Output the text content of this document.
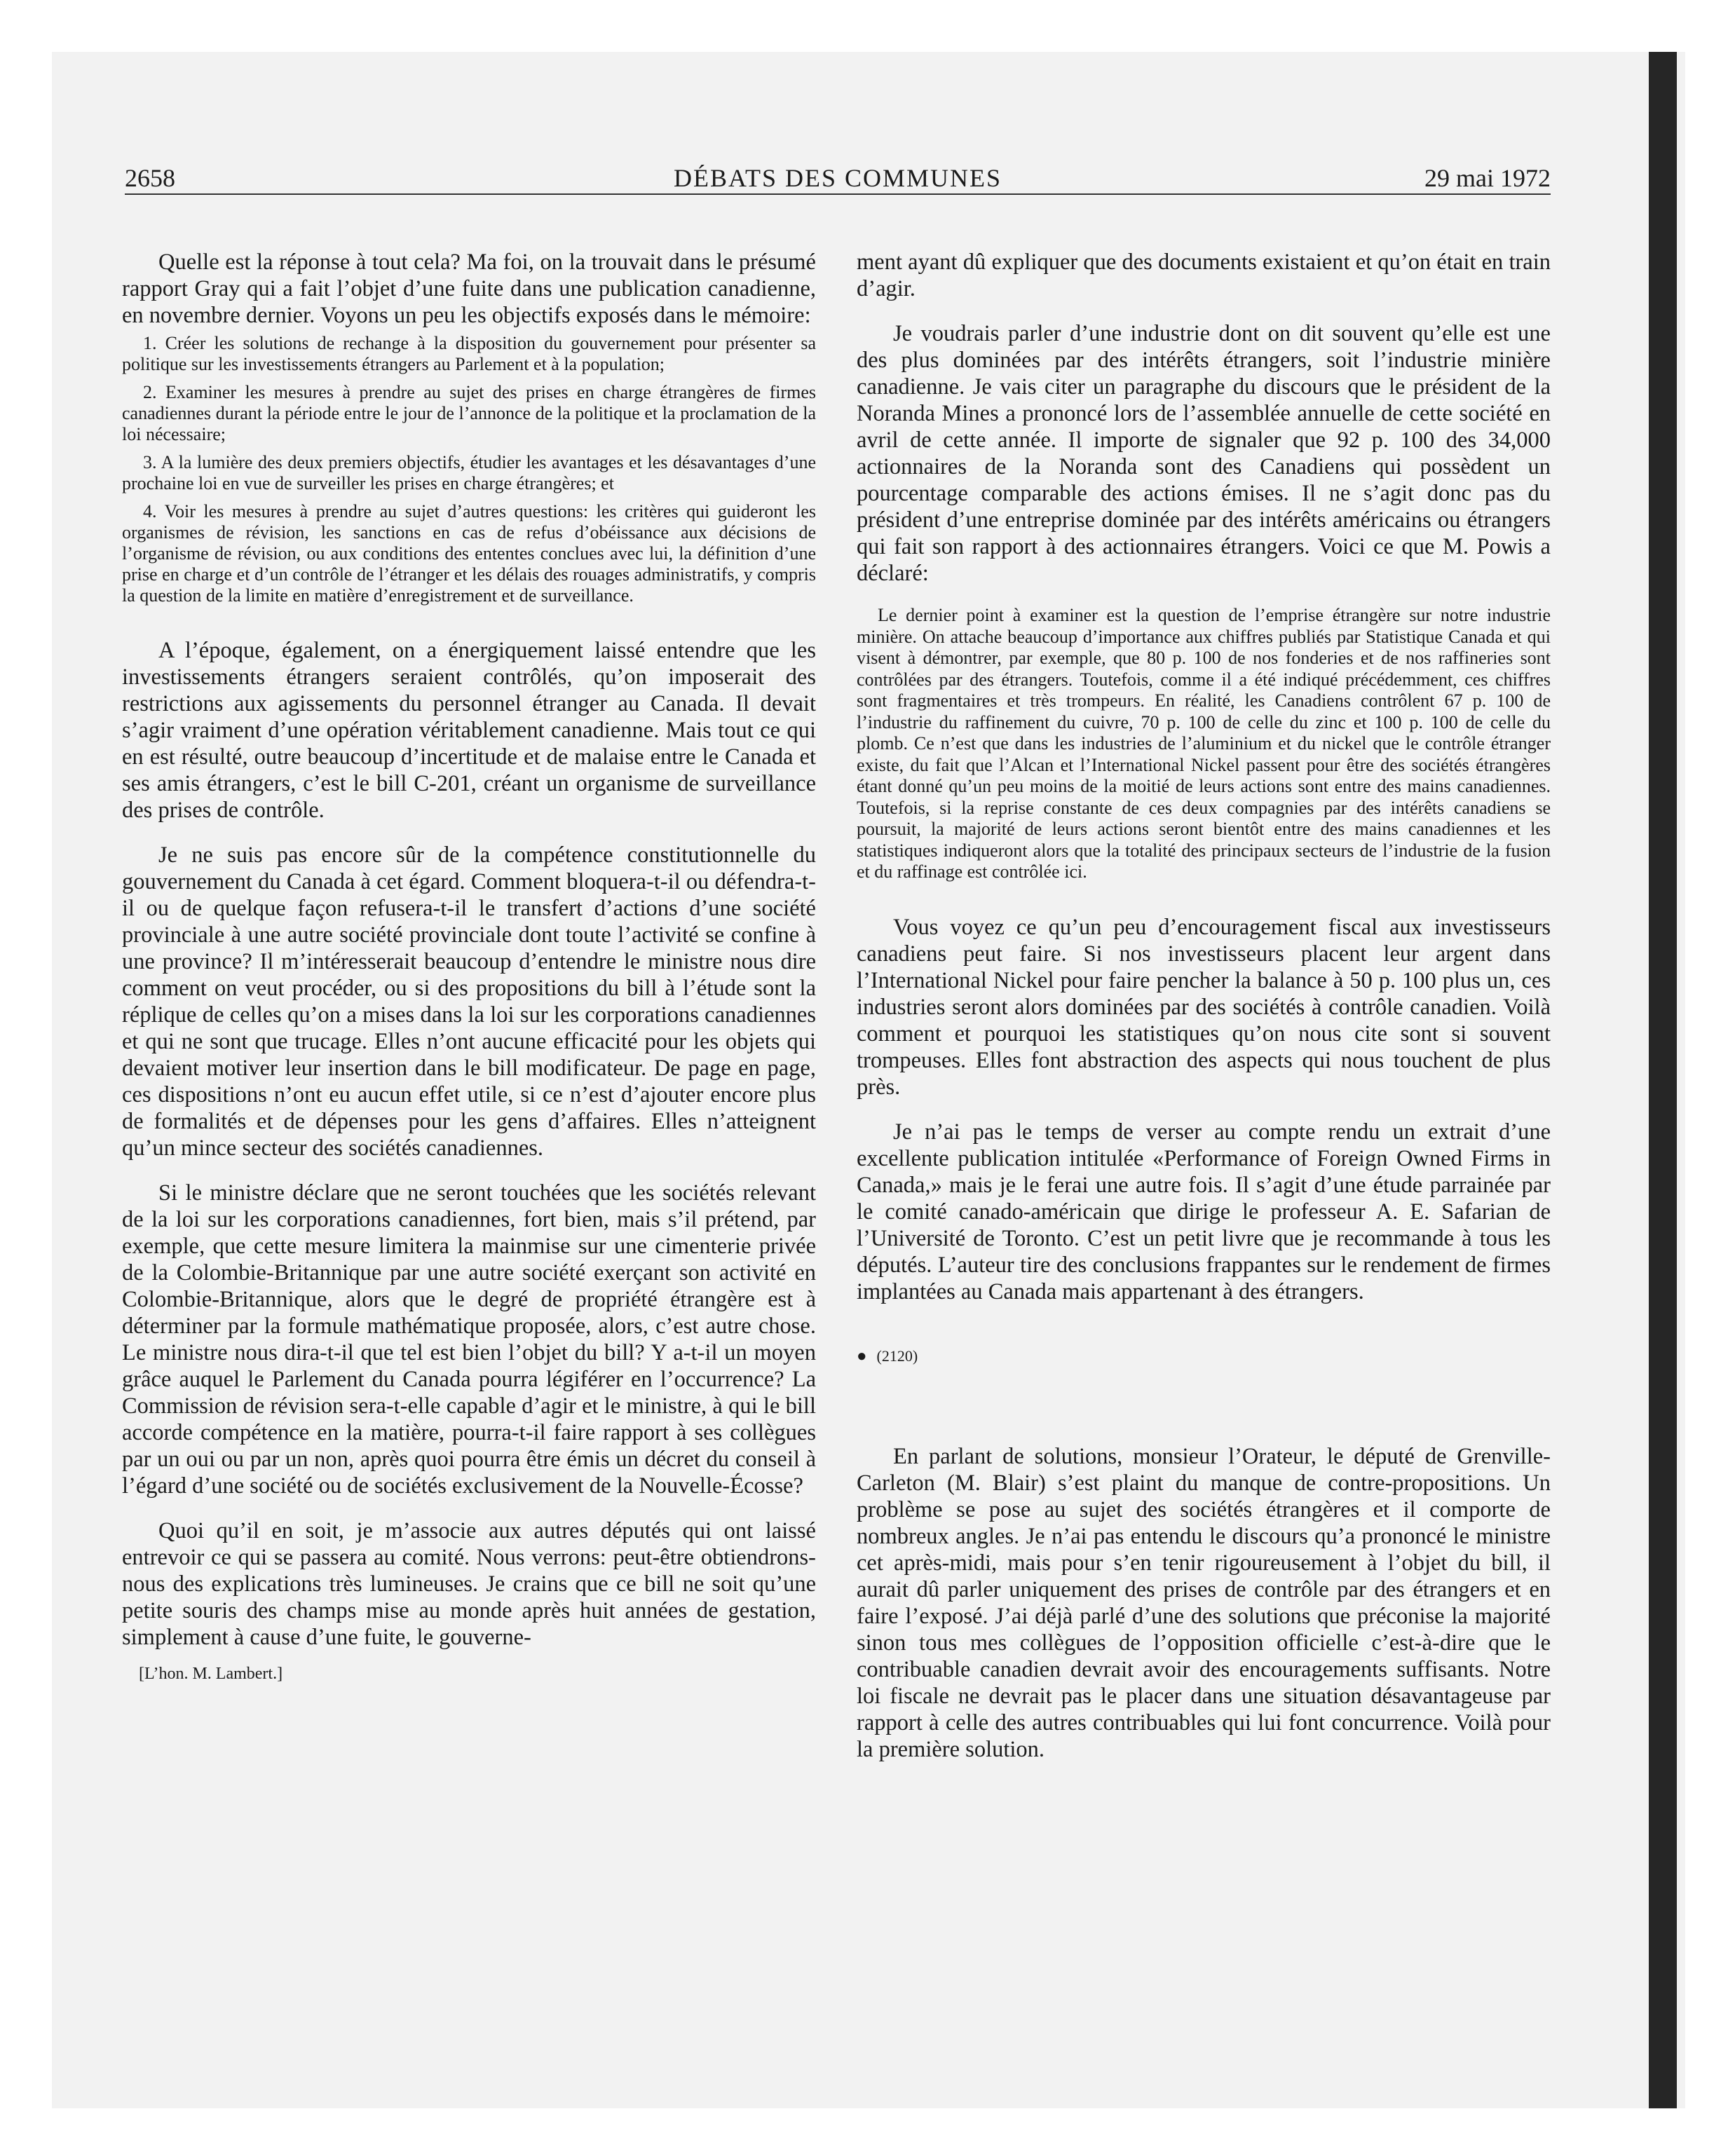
2658	DÉBATS DES COMMUNES	29 mai 1972

Quelle est la réponse à tout cela? Ma foi, on la trouvait dans le présumé rapport Gray qui a fait l’objet d’une fuite dans une publication canadienne, en novembre dernier. Voyons un peu les objectifs exposés dans le mémoire:

1. Créer les solutions de rechange à la disposition du gouvernement pour présenter sa politique sur les investissements étrangers au Parlement et à la population;

2. Examiner les mesures à prendre au sujet des prises en charge étrangères de firmes canadiennes durant la période entre le jour de l’annonce de la politique et la proclamation de la loi nécessaire;

3. A la lumière des deux premiers objectifs, étudier les avantages et les désavantages d’une prochaine loi en vue de surveiller les prises en charge étrangères; et

4. Voir les mesures à prendre au sujet d’autres questions: les critères qui guideront les organismes de révision, les sanctions en cas de refus d’obéissance aux décisions de l’organisme de révision, ou aux conditions des ententes conclues avec lui, la définition d’une prise en charge et d’un contrôle de l’étranger et les délais des rouages administratifs, y compris la question de la limite en matière d’enregistrement et de surveillance.

A l’époque, également, on a énergiquement laissé entendre que les investissements étrangers seraient contrôlés, qu’on imposerait des restrictions aux agissements du personnel étranger au Canada. Il devait s’agir vraiment d’une opération véritablement canadienne. Mais tout ce qui en est résulté, outre beaucoup d’incertitude et de malaise entre le Canada et ses amis étrangers, c’est le bill C-201, créant un organisme de surveillance des prises de contrôle.

Je ne suis pas encore sûr de la compétence constitutionnelle du gouvernement du Canada à cet égard. Comment bloquera-t-il ou défendra-t-il ou de quelque façon refusera-t-il le transfert d’actions d’une société provinciale à une autre société provinciale dont toute l’activité se confine à une province? Il m’intéresserait beaucoup d’entendre le ministre nous dire comment on veut procéder, ou si des propositions du bill à l’étude sont la réplique de celles qu’on a mises dans la loi sur les corporations canadiennes et qui ne sont que trucage. Elles n’ont aucune efficacité pour les objets qui devaient motiver leur insertion dans le bill modificateur. De page en page, ces dispositions n’ont eu aucun effet utile, si ce n’est d’ajouter encore plus de formalités et de dépenses pour les gens d’affaires. Elles n’atteignent qu’un mince secteur des sociétés canadiennes.

Si le ministre déclare que ne seront touchées que les sociétés relevant de la loi sur les corporations canadiennes, fort bien, mais s’il prétend, par exemple, que cette mesure limitera la mainmise sur une cimenterie privée de la Colombie-Britannique par une autre société exerçant son activité en Colombie-Britannique, alors que le degré de propriété étrangère est à déterminer par la formule mathématique proposée, alors, c’est autre chose. Le ministre nous dira-t-il que tel est bien l’objet du bill? Y a-t-il un moyen grâce auquel le Parlement du Canada pourra légiférer en l’occurrence? La Commission de révision sera-t-elle capable d’agir et le ministre, à qui le bill accorde compétence en la matière, pourra-t-il faire rapport à ses collègues par un oui ou par un non, après quoi pourra être émis un décret du conseil à l’égard d’une société ou de sociétés exclusivement de la Nouvelle-Écosse?

Quoi qu’il en soit, je m’associe aux autres députés qui ont laissé entrevoir ce qui se passera au comité. Nous verrons: peut-être obtiendrons-nous des explications très lumineuses. Je crains que ce bill ne soit qu’une petite souris des champs mise au monde après huit années de gestation, simplement à cause d’une fuite, le gouverne-

[L’hon. M. Lambert.]

ment ayant dû expliquer que des documents existaient et qu’on était en train d’agir.

Je voudrais parler d’une industrie dont on dit souvent qu’elle est une des plus dominées par des intérêts étrangers, soit l’industrie minière canadienne. Je vais citer un paragraphe du discours que le président de la Noranda Mines a prononcé lors de l’assemblée annuelle de cette société en avril de cette année. Il importe de signaler que 92 p. 100 des 34,000 actionnaires de la Noranda sont des Canadiens qui possèdent un pourcentage comparable des actions émises. Il ne s’agit donc pas du président d’une entreprise dominée par des intérêts américains ou étrangers qui fait son rapport à des actionnaires étrangers. Voici ce que M. Powis a déclaré:

Le dernier point à examiner est la question de l’emprise étrangère sur notre industrie minière. On attache beaucoup d’importance aux chiffres publiés par Statistique Canada et qui visent à démontrer, par exemple, que 80 p. 100 de nos fonderies et de nos raffineries sont contrôlées par des étrangers. Toutefois, comme il a été indiqué précédemment, ces chiffres sont fragmentaires et très trompeurs. En réalité, les Canadiens contrôlent 67 p. 100 de l’industrie du raffinement du cuivre, 70 p. 100 de celle du zinc et 100 p. 100 de celle du plomb. Ce n’est que dans les industries de l’aluminium et du nickel que le contrôle étranger existe, du fait que l’Alcan et l’International Nickel passent pour être des sociétés étrangères étant donné qu’un peu moins de la moitié de leurs actions sont entre des mains canadiennes. Toutefois, si la reprise constante de ces deux compagnies par des intérêts canadiens se poursuit, la majorité de leurs actions seront bientôt entre des mains canadiennes et les statistiques indiqueront alors que la totalité des principaux secteurs de l’industrie de la fusion et du raffinage est contrôlée ici.

Vous voyez ce qu’un peu d’encouragement fiscal aux investisseurs canadiens peut faire. Si nos investisseurs placent leur argent dans l’International Nickel pour faire pencher la balance à 50 p. 100 plus un, ces industries seront alors dominées par des sociétés à contrôle canadien. Voilà comment et pourquoi les statistiques qu’on nous cite sont si souvent trompeuses. Elles font abstraction des aspects qui nous touchent de plus près.

Je n’ai pas le temps de verser au compte rendu un extrait d’une excellente publication intitulée «Performance of Foreign Owned Firms in Canada,» mais je le ferai une autre fois. Il s’agit d’une étude parrainée par le comité canado-américain que dirige le professeur A. E. Safarian de l’Université de Toronto. C’est un petit livre que je recommande à tous les députés. L’auteur tire des conclusions frappantes sur le rendement de firmes implantées au Canada mais appartenant à des étrangers.

● (2120)

En parlant de solutions, monsieur l’Orateur, le député de Grenville-Carleton (M. Blair) s’est plaint du manque de contre-propositions. Un problème se pose au sujet des sociétés étrangères et il comporte de nombreux angles. Je n’ai pas entendu le discours qu’a prononcé le ministre cet après-midi, mais pour s’en tenir rigoureusement à l’objet du bill, il aurait dû parler uniquement des prises de contrôle par des étrangers et en faire l’exposé. J’ai déjà parlé d’une des solutions que préconise la majorité sinon tous mes collègues de l’opposition officielle c’est-à-dire que le contribuable canadien devrait avoir des encouragements suffisants. Notre loi fiscale ne devrait pas le placer dans une situation désavantageuse par rapport à celle des autres contribuables qui lui font concurrence. Voilà pour la première solution.
